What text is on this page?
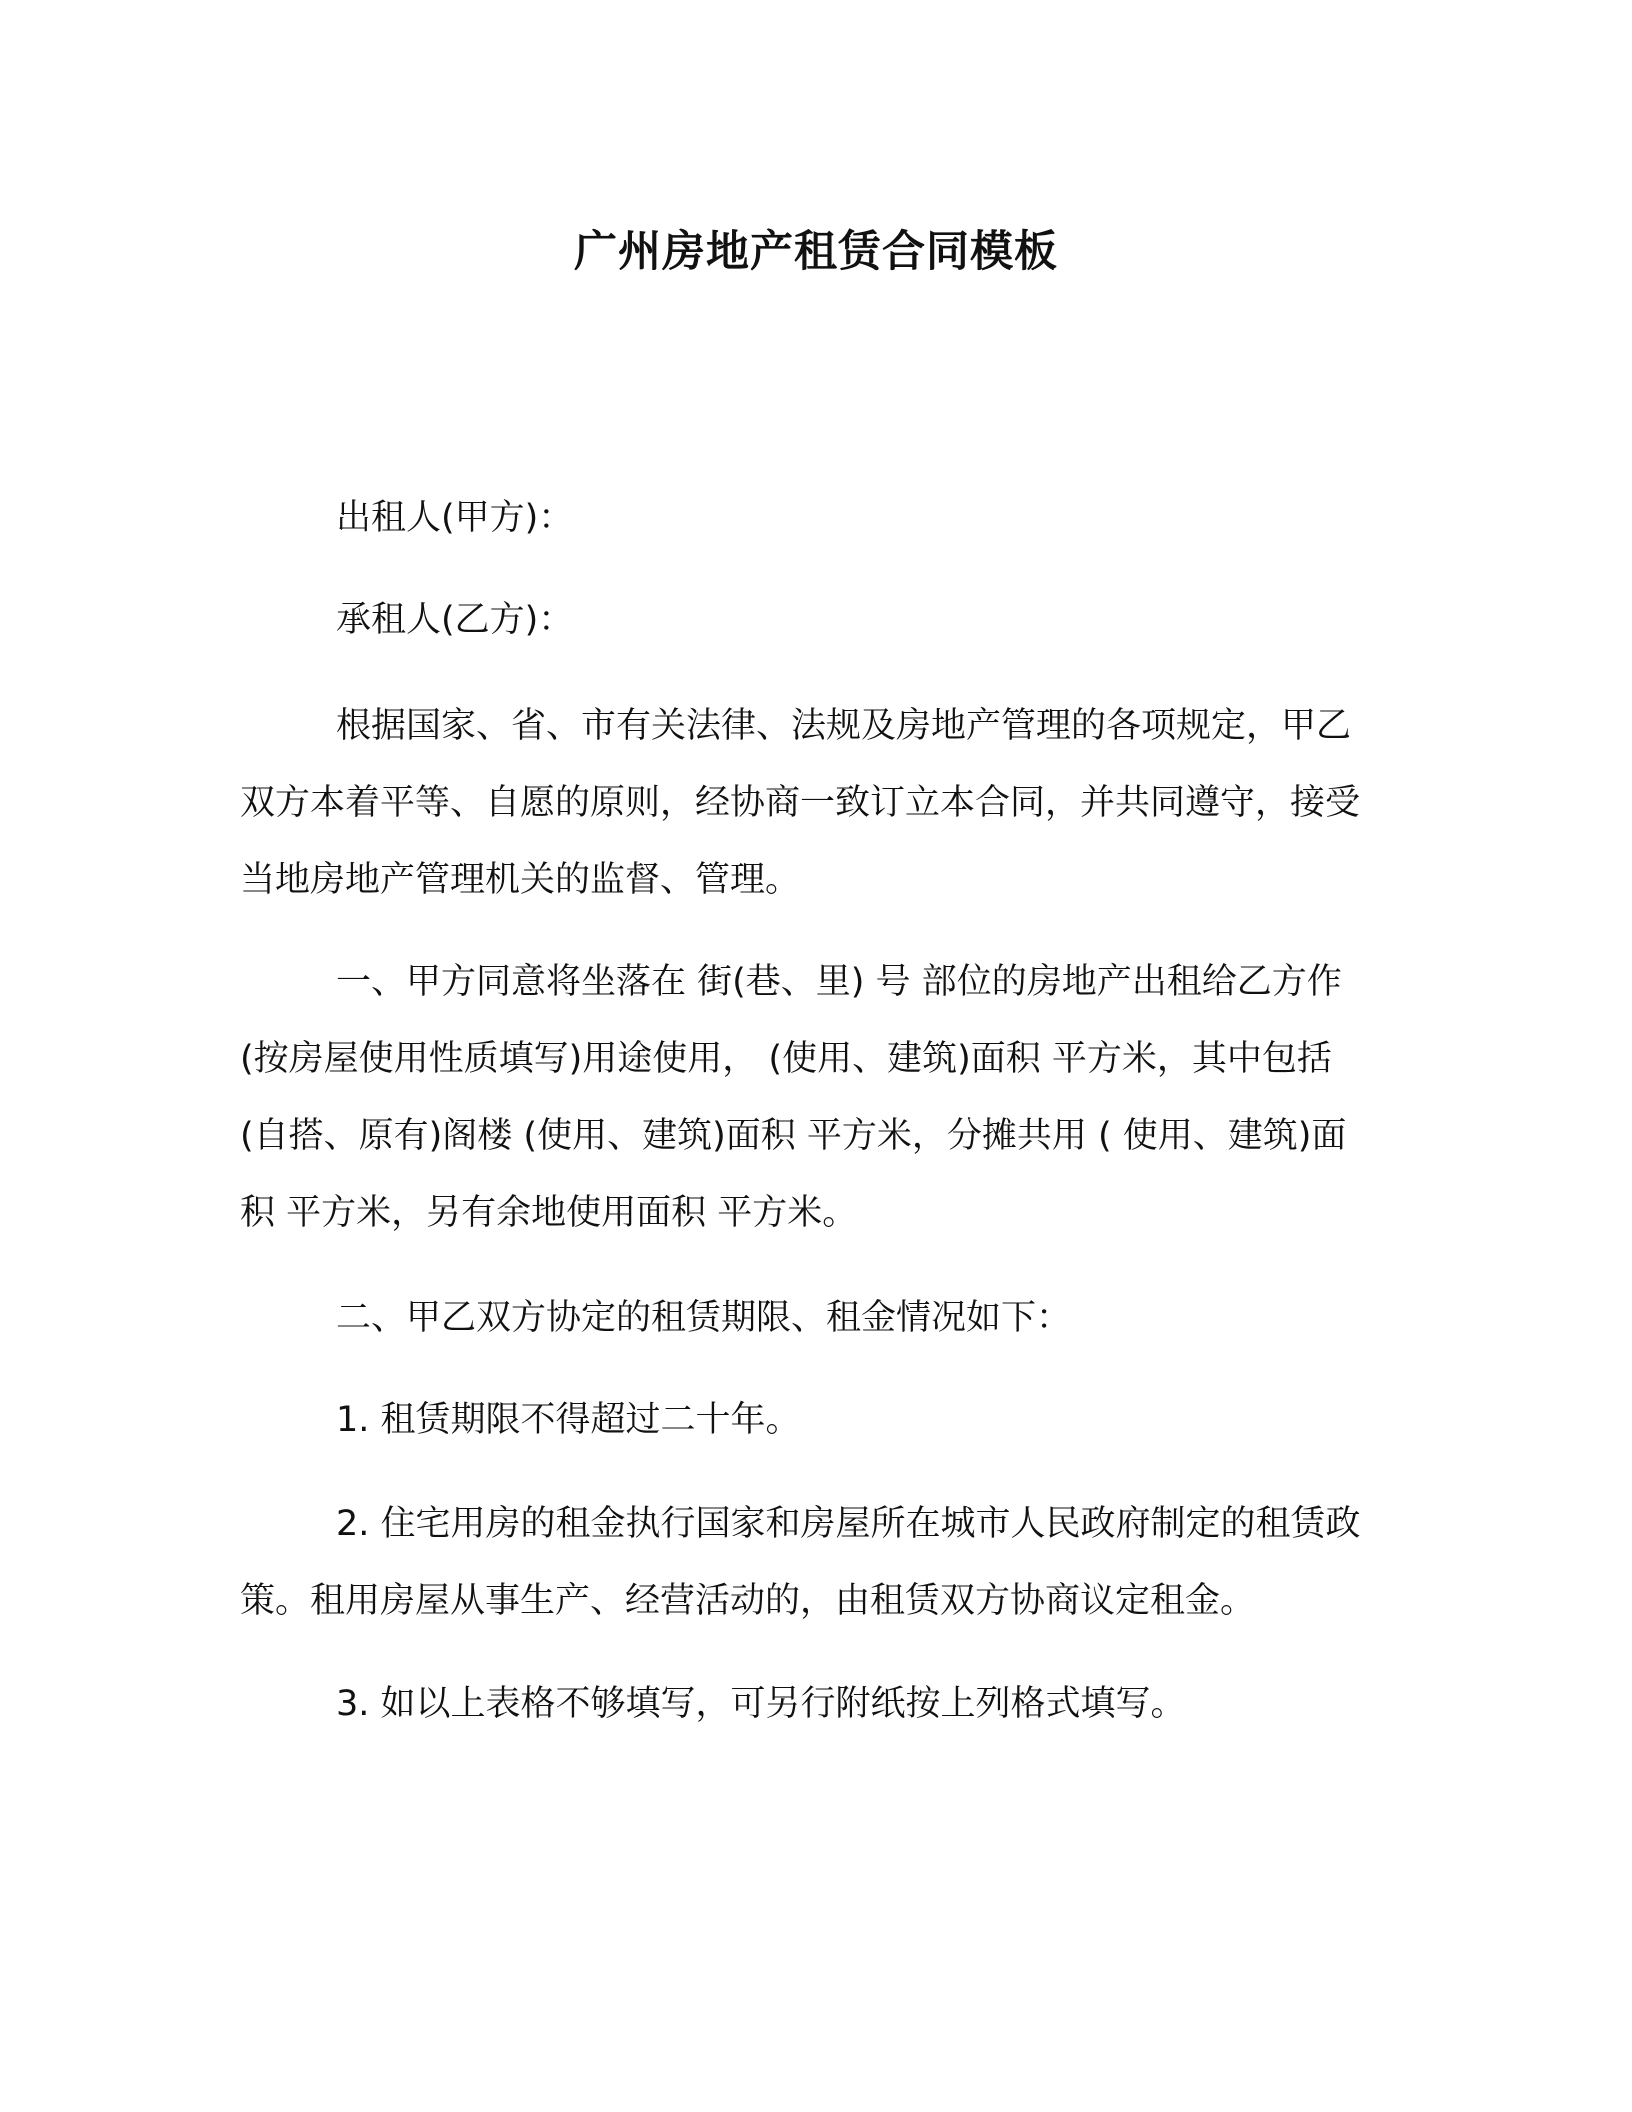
广州房地产租赁合同模板

出租人(甲方)：

承租人(乙方)：

根据国家、省、市有关法律、法规及房地产管理的各项规定，甲乙双方本着平等、自愿的原则，经协商一致订立本合同，并共同遵守，接受当地房地产管理机关的监督、管理。

一、甲方同意将坐落在 街(巷、里) 号 部位的房地产出租给乙方作 (按房屋使用性质填写)用途使用， (使用、建筑)面积 平方米，其中包括 (自搭、原有)阁楼 (使用、建筑)面积 平方米，分摊共用 ( 使用、建筑)面积 平方米，另有余地使用面积 平方米。

二、甲乙双方协定的租赁期限、租金情况如下：

1. 租赁期限不得超过二十年。

2. 住宅用房的租金执行国家和房屋所在城市人民政府制定的租赁政策。租用房屋从事生产、经营活动的，由租赁双方协商议定租金。

3. 如以上表格不够填写，可另行附纸按上列格式填写。
